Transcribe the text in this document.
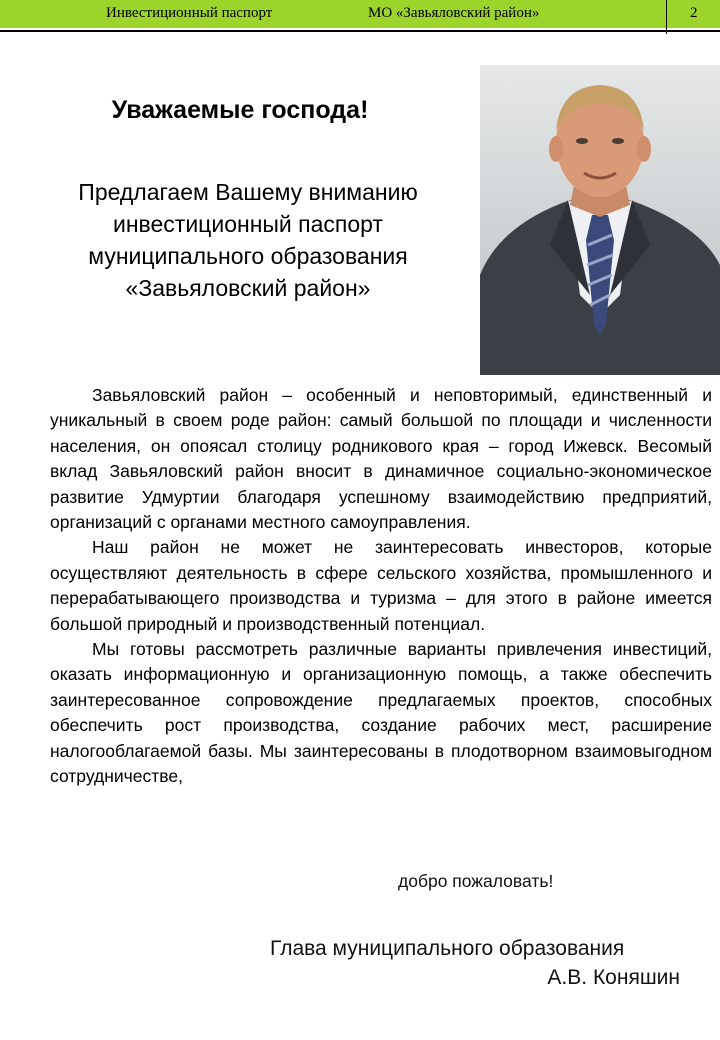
Инвестиционный паспорт	МО «Завьяловский район»	2
Уважаемые господа!
Предлагаем Вашему вниманию
инвестиционный паспорт
муниципального образования
«Завьяловский район»

Завьяловский район – особенный и неповторимый, единственный и уникальный в своем роде район: самый большой по площади и численности населения, он опоясал столицу родникового края – город Ижевск. Весомый вклад Завьяловский район вносит в динамичное социально-экономическое развитие Удмуртии благодаря успешному взаимодействию предприятий, организаций с органами местного самоуправления.

Наш район не может не заинтересовать инвесторов, которые осуществляют деятельность в сфере сельского хозяйства, промышленного и перерабатывающего производства и туризма – для этого в районе имеется большой природный и производственный потенциал.

Мы готовы рассмотреть различные варианты привлечения инвестиций, оказать информационную и организационную помощь, а также обеспечить заинтересованное сопровождение предлагаемых проектов, способных обеспечить рост производства, создание рабочих мест, расширение налогооблагаемой базы. Мы заинтересованы в плодотворном взаимовыгодном сотрудничестве,

добро пожаловать!
Глава муниципального образования
А.В. Коняшин
